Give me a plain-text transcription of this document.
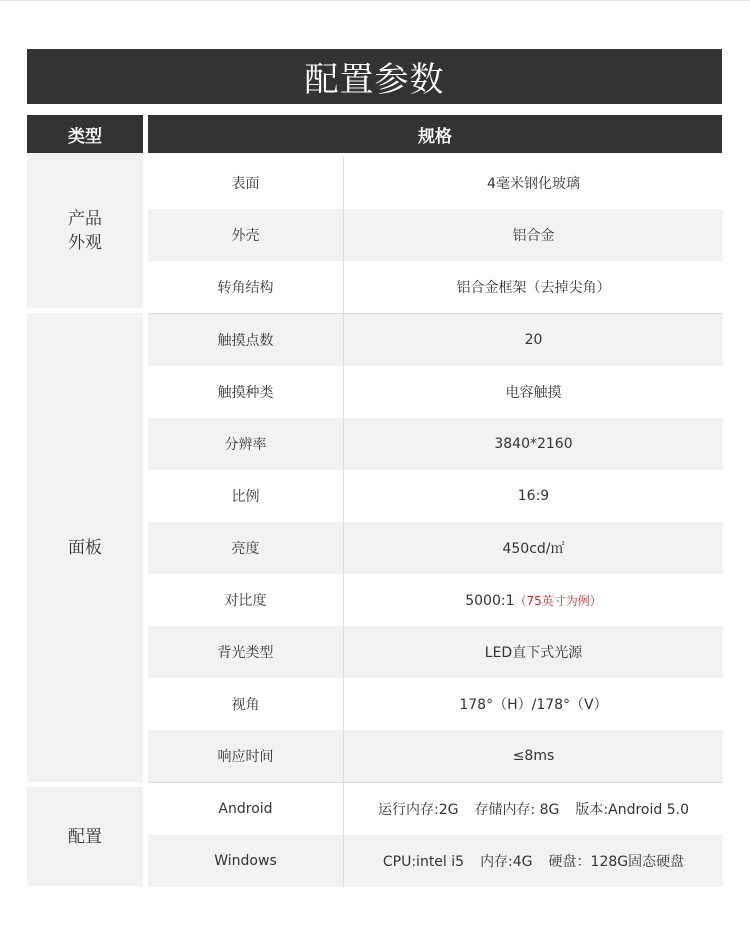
配置参数
类型	规格
产品
外观
表面	4毫米钢化玻璃
外壳	铝合金
转角结构	铝合金框架（去掉尖角）
面板
触摸点数	20
触摸种类	电容触摸
分辨率	3840*2160
比例	16:9
亮度	450cd/㎡
对比度	5000:1（75英寸为例）
背光类型	LED直下式光源
视角	178°（H）/178°（V）
响应时间	≤8ms
配置
Android	运行内存:2G 存储内存: 8G 版本:Android 5.0
Windows	CPU:intel i5 内存:4G 硬盘：128G固态硬盘
